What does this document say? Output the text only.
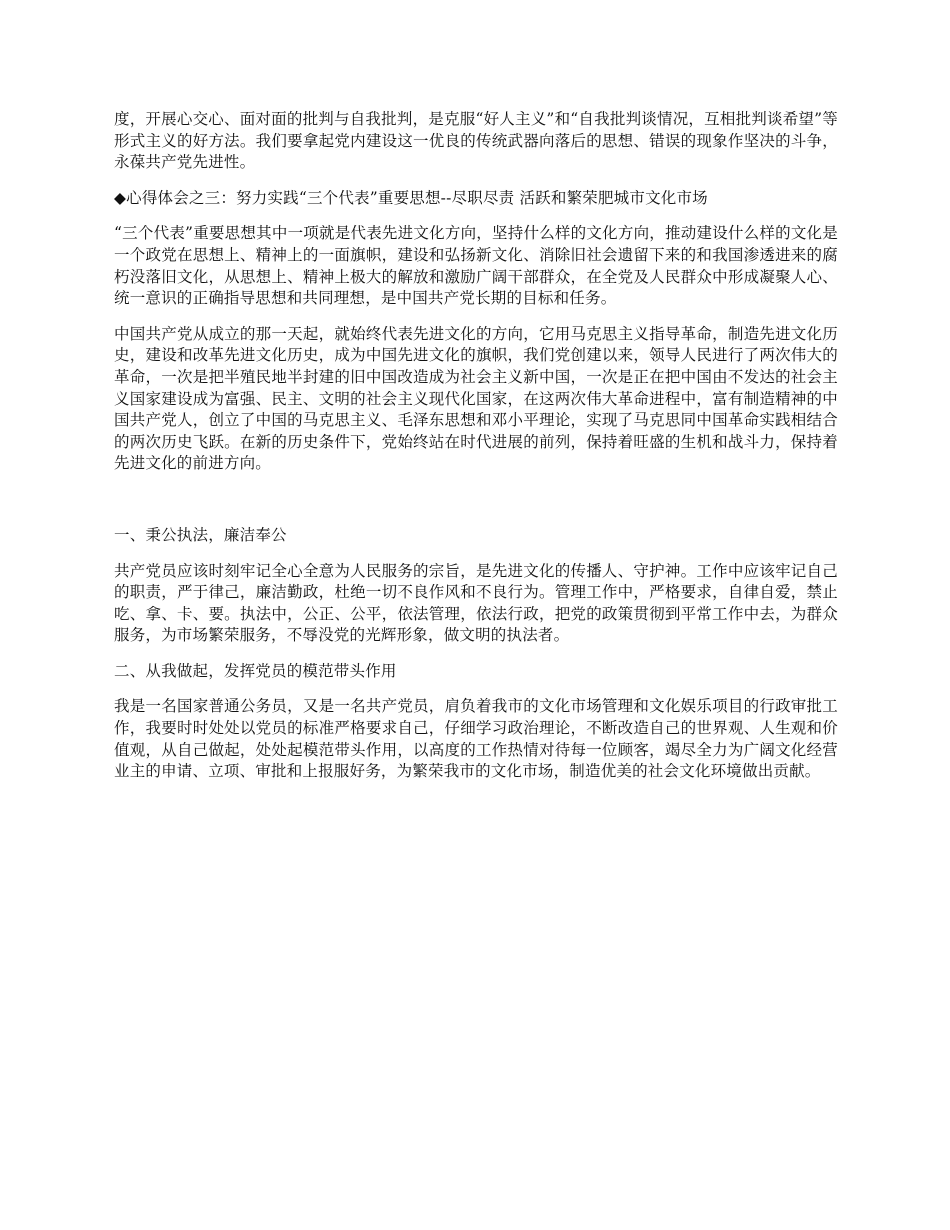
度，开展心交心、面对面的批判与自我批判，是克服“好人主义”和“自我批判谈情况，互相批判谈希望”等形式主义的好方法。我们要拿起党内建设这一优良的传统武器向落后的思想、错误的现象作坚决的斗争，永葆共产党先进性。

◆心得体会之三：努力实践“三个代表”重要思想--尽职尽责 活跃和繁荣肥城市文化市场

“三个代表”重要思想其中一项就是代表先进文化方向，坚持什么样的文化方向，推动建设什么样的文化是一个政党在思想上、精神上的一面旗帜，建设和弘扬新文化、消除旧社会遗留下来的和我国渗透进来的腐朽没落旧文化，从思想上、精神上极大的解放和激励广阔干部群众，在全党及人民群众中形成凝聚人心、统一意识的正确指导思想和共同理想，是中国共产党长期的目标和任务。

中国共产党从成立的那一天起，就始终代表先进文化的方向，它用马克思主义指导革命，制造先进文化历史，建设和改革先进文化历史，成为中国先进文化的旗帜，我们党创建以来，领导人民进行了两次伟大的革命，一次是把半殖民地半封建的旧中国改造成为社会主义新中国，一次是正在把中国由不发达的社会主义国家建设成为富强、民主、文明的社会主义现代化国家，在这两次伟大革命进程中，富有制造精神的中国共产党人，创立了中国的马克思主义、毛泽东思想和邓小平理论，实现了马克思同中国革命实践相结合的两次历史飞跃。在新的历史条件下，党始终站在时代进展的前列，保持着旺盛的生机和战斗力，保持着先进文化的前进方向。

一、秉公执法，廉洁奉公

共产党员应该时刻牢记全心全意为人民服务的宗旨，是先进文化的传播人、守护神。工作中应该牢记自己的职责，严于律己，廉洁勤政，杜绝一切不良作风和不良行为。管理工作中，严格要求，自律自爱，禁止吃、拿、卡、要。执法中，公正、公平，依法管理，依法行政，把党的政策贯彻到平常工作中去，为群众服务，为市场繁荣服务，不辱没党的光辉形象，做文明的执法者。

二、从我做起，发挥党员的模范带头作用

我是一名国家普通公务员，又是一名共产党员，肩负着我市的文化市场管理和文化娱乐项目的行政审批工作，我要时时处处以党员的标准严格要求自己，仔细学习政治理论，不断改造自己的世界观、人生观和价值观，从自己做起，处处起模范带头作用，以高度的工作热情对待每一位顾客，竭尽全力为广阔文化经营业主的申请、立项、审批和上报服好务，为繁荣我市的文化市场，制造优美的社会文化环境做出贡献。
